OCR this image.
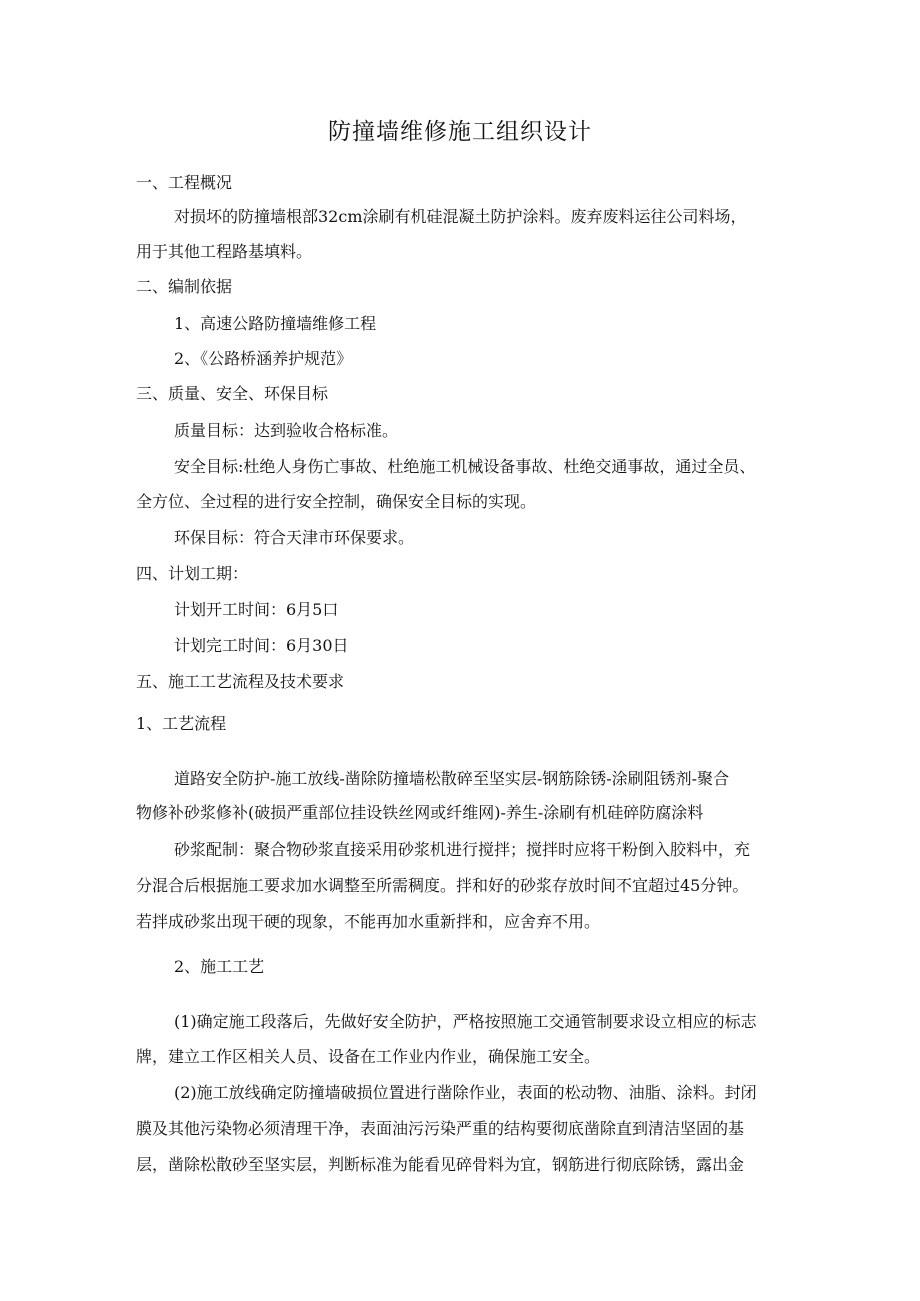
防撞墙维修施工组织设计

一、工程概况

对损坏的防撞墙根部32cm涂刷有机硅混凝土防护涂料。废弃废料运往公司料场，

用于其他工程路基填料。

二、编制依据

1、高速公路防撞墙维修工程

2、《公路桥涵养护规范》

三、质量、安全、环保目标

质量目标：达到验收合格标准。

安全目标:杜绝人身伤亡事故、杜绝施工机械设备事故、杜绝交通事故，通过全员、

全方位、全过程的进行安全控制，确保安全目标的实现。

环保目标：符合天津市环保要求。

四、计划工期：

计划开工时间：6月5口

计划完工时间：6月30日

五、施工工艺流程及技术要求

1、工艺流程

道路安全防护-施工放线-凿除防撞墙松散碎至坚实层-钢筋除锈-涂刷阻锈剂-聚合

物修补砂浆修补(破损严重部位挂设铁丝网或纤维网)-养生-涂刷有机硅碎防腐涂料

砂浆配制：聚合物砂浆直接采用砂浆机进行搅拌；搅拌时应将干粉倒入胶料中，充

分混合后根据施工要求加水调整至所需稠度。拌和好的砂浆存放时间不宜超过45分钟。

若拌成砂浆出现干硬的现象，不能再加水重新拌和，应舍弃不用。

2、施工工艺

(1)确定施工段落后，先做好安全防护，严格按照施工交通管制要求设立相应的标志

牌，建立工作区相关人员、设备在工作业内作业，确保施工安全。

(2)施工放线确定防撞墙破损位置进行凿除作业，表面的松动物、油脂、涂料。封闭

膜及其他污染物必须清理干净，表面油污污染严重的结构要彻底凿除直到清洁坚固的基

层，凿除松散砂至坚实层，判断标准为能看见碎骨料为宜，钢筋进行彻底除锈，露出金
